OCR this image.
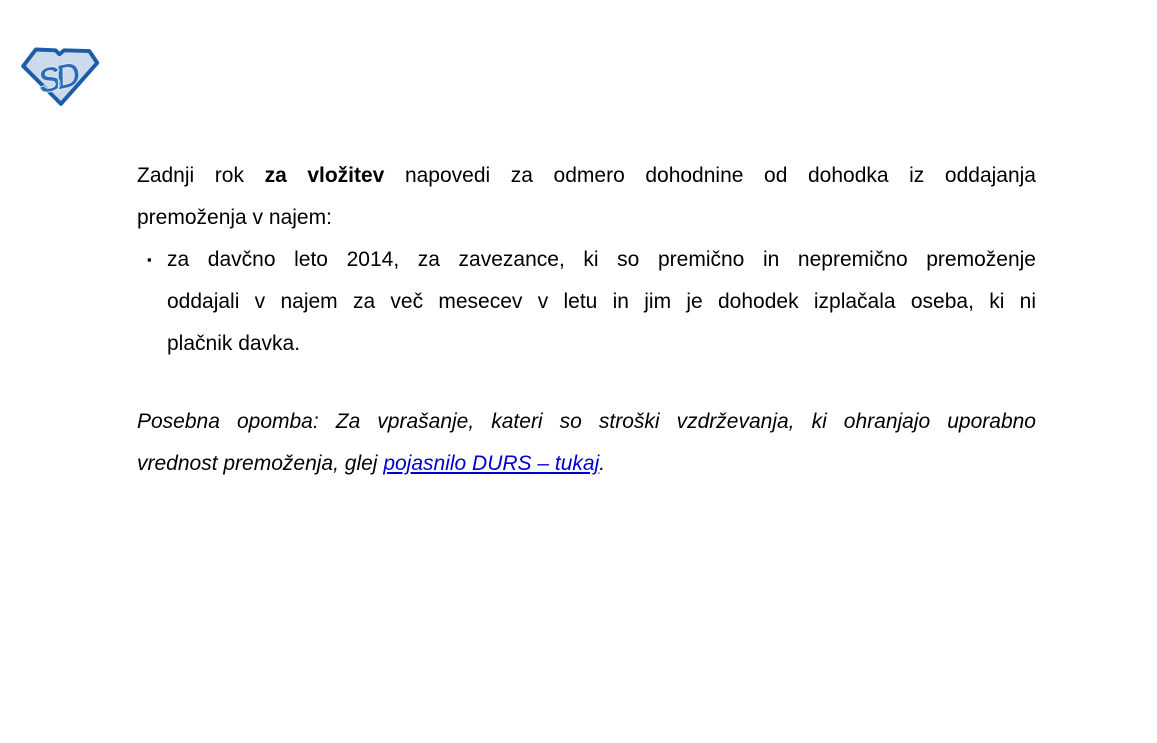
SD
Zadnji rok za vložitev napovedi za odmero dohodnine od dohodka iz oddajanja
premoženja v najem:
▪ za davčno leto 2014, za zavezance, ki so premično in nepremično premoženje
oddajali v najem za več mesecev v letu in jim je dohodek izplačala oseba, ki ni
plačnik davka.
Posebna opomba: Za vprašanje, kateri so stroški vzdrževanja, ki ohranjajo uporabno
vrednost premoženja, glej pojasnilo DURS – tukaj.
